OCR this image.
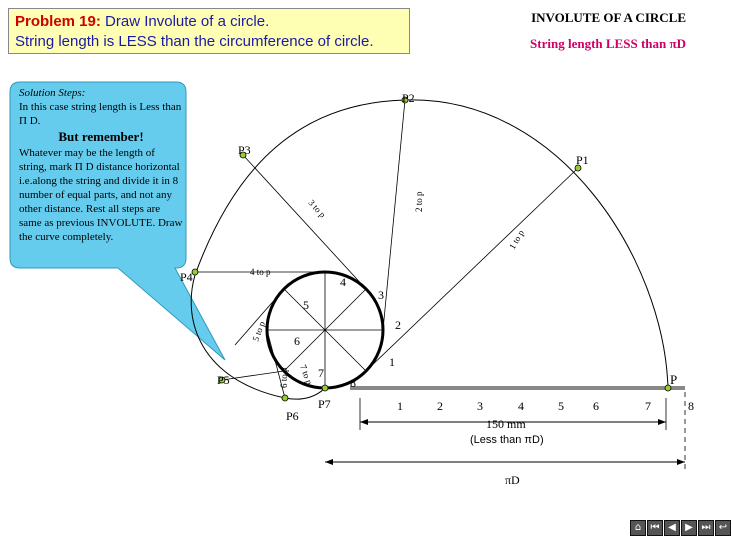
Problem 19: Draw Involute of a circle.
String length is LESS than the circumference of circle.
INVOLUTE OF A CIRCLE
String length LESS than πD
P
P1
P2
P3
P4
P5
P6
P7
1
2
3
4
5
6
7
8
1	2	3	4	5 6	7	8
1 to p
2 to p
3 to p
4 to p
5 to p
6 to p 7 to p
150 mm
(Less than πD)
πD
Solution Steps:
In this case string length is Less than Π D.
But remember!
Whatever may be the length of string, mark Π D distance horizontal i.e.along the string and divide it in 8 number of equal parts, and not any other distance. Rest all steps are same as previous INVOLUTE. Draw the curve completely.
⌂ ⏮ ◀ ▶ ⏭ ↩
